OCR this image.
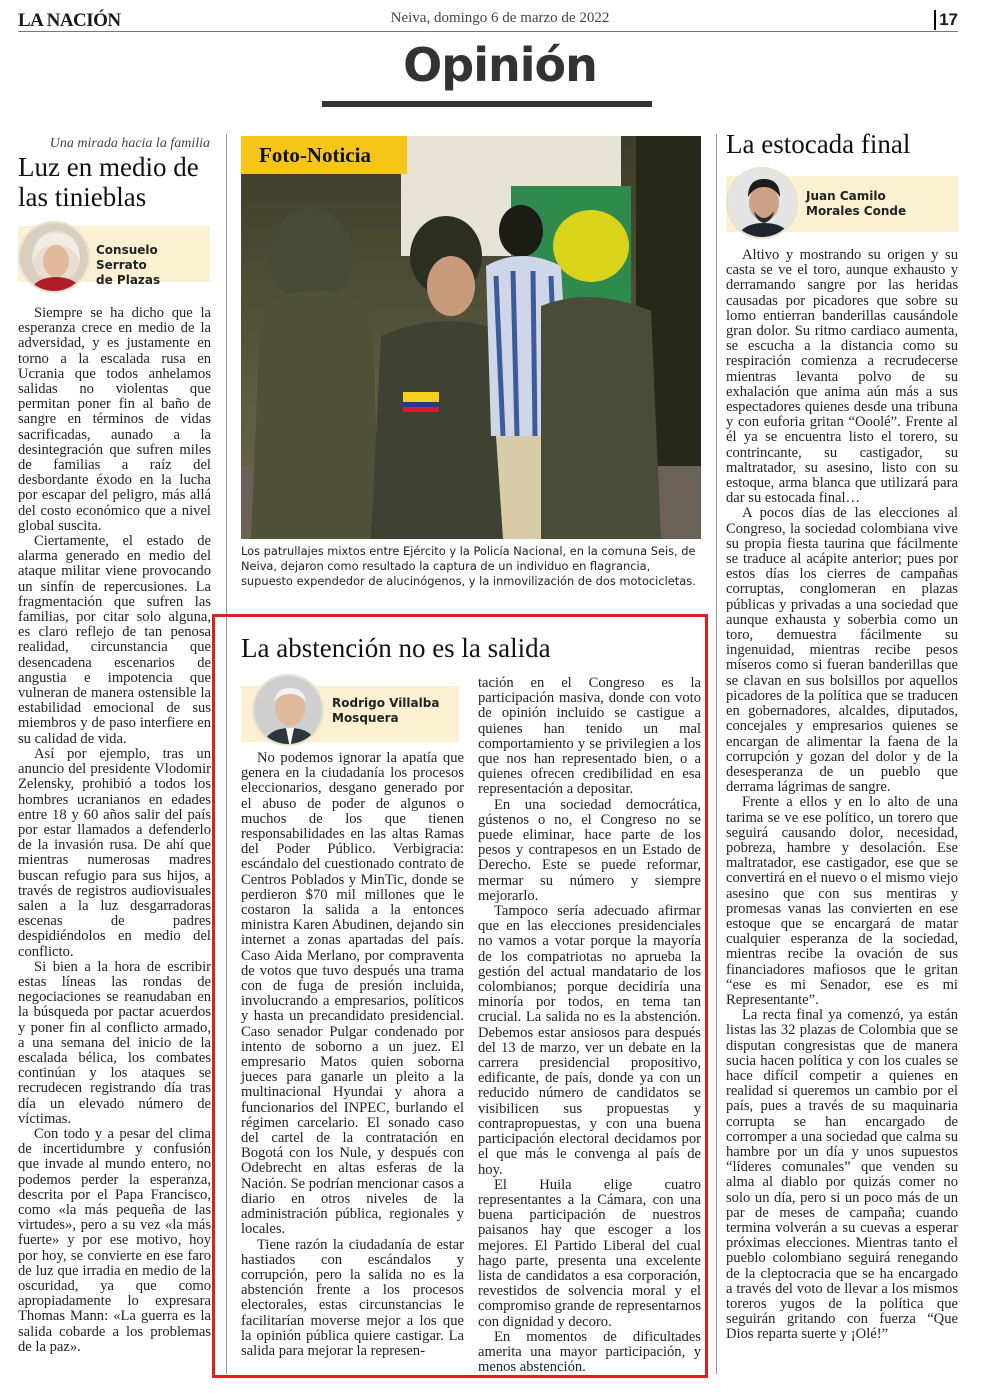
LA NACIÓN	Neiva, domingo 6 de marzo de 2022	17
Opinión
Una mirada hacia la familia
Luz en medio de las tinieblas
Consuelo Serrato
de Plazas

Siempre se ha dicho que la esperanza crece en medio de la adversidad, y es justamente en torno a la escalada rusa en Ucrania que todos anhelamos salidas no violentas que permitan poner fin al baño de sangre en términos de vidas sacrificadas, aunado a la desintegración que sufren miles de familias a raíz del desbordante éxodo en la lucha por escapar del peligro, más allá del costo económico que a nivel global suscita.

Ciertamente, el estado de alarma generado en medio del ataque militar viene provocando un sinfín de repercusiones. La fragmentación que sufren las familias, por citar solo alguna, es claro reflejo de tan penosa realidad, circunstancia que desencadena escenarios de angustia e impotencia que vulneran de manera ostensible la estabilidad emocional de sus miembros y de paso interfiere en su calidad de vida.

Así por ejemplo, tras un anuncio del presidente Vlodomir Zelensky, prohibió a todos los hombres ucranianos en edades entre 18 y 60 años salir del país por estar llamados a defenderlo de la invasión rusa. De ahí que mientras numerosas madres buscan refugio para sus hijos, a través de registros audiovisuales salen a la luz desgarradoras escenas de padres despidiéndolos en medio del conflicto.

Si bien a la hora de escribir estas líneas las rondas de negociaciones se reanudaban en la búsqueda por pactar acuerdos y poner fin al conflicto armado, a una semana del inicio de la escalada bélica, los combates continúan y los ataques se recrudecen registrando día tras día un elevado número de víctimas.

Con todo y a pesar del clima de incertidumbre y confusión que invade al mundo entero, no podemos perder la esperanza, descrita por el Papa Francisco, como «la más pequeña de las virtudes», pero a su vez «la más fuerte» y por ese motivo, hoy por hoy, se convierte en ese faro de luz que irradia en medio de la oscuridad, ya que como apropiadamente lo expresara Thomas Mann: «La guerra es la salida cobarde a los problemas de la paz».

Foto-Noticia
Los patrullajes mixtos entre Ejército y la Policía Nacional, en la comuna Seis, de Neiva, dejaron como resultado la captura de un individuo en flagrancia, supuesto expendedor de alucinógenos, y la inmovilización de dos motocicletas.
La abstención no es la salida
Rodrigo Villalba
Mosquera

No podemos ignorar la apatía que genera en la ciudadanía los procesos eleccionarios, desgano generado por el abuso de poder de algunos o muchos de los que tienen responsabilidades en las altas Ramas del Poder Público. Verbigracia: escándalo del cuestionado contrato de Centros Poblados y MinTic, donde se perdieron $70 mil millones que le costaron la salida a la entonces ministra Karen Abudinen, dejando sin internet a zonas apartadas del país. Caso Aida Merlano, por compraventa de votos que tuvo después una trama con de fuga de presión incluida, involucrando a empresarios, políticos y hasta un precandidato presidencial. Caso senador Pulgar condenado por intento de soborno a un juez. El empresario Matos quien soborna jueces para ganarle un pleito a la multinacional Hyundai y ahora a funcionarios del INPEC, burlando el régimen carcelario. El sonado caso del cartel de la contratación en Bogotá con los Nule, y después con Odebrecht en altas esferas de la Nación. Se podrían mencionar casos a diario en otros niveles de la administración pública, regionales y locales.

Tiene razón la ciudadanía de estar hastiados con escándalos y corrupción, pero la salida no es la abstención frente a los procesos electorales, estas circunstancias le facilitarían moverse mejor a los que la opinión pública quiere castigar. La salida para mejorar la represen-

tación en el Congreso es la participación masiva, donde con voto de opinión incluido se castigue a quienes han tenido un mal comportamiento y se privilegien a los que nos han representado bien, o a quienes ofrecen credibilidad en esa representación a depositar.

En una sociedad democrática, gústenos o no, el Congreso no se puede eliminar, hace parte de los pesos y contrapesos en un Estado de Derecho. Este se puede reformar, mermar su número y siempre mejorarlo.

Tampoco sería adecuado afirmar que en las elecciones presidenciales no vamos a votar porque la mayoría de los compatriotas no aprueba la gestión del actual mandatario de los colombianos; porque decidiría una minoría por todos, en tema tan crucial. La salida no es la abstención. Debemos estar ansiosos para después del 13 de marzo, ver un debate en la carrera presidencial propositivo, edificante, de país, donde ya con un reducido número de candidatos se visibilicen sus propuestas y contrapropuestas, y con una buena participación electoral decidamos por el que más le convenga al país de hoy.

El Huila elige cuatro representantes a la Cámara, con una buena participación de nuestros paisanos hay que escoger a los mejores. El Partido Liberal del cual hago parte, presenta una excelente lista de candidatos a esa corporación, revestidos de solvencia moral y el compromiso grande de representarnos con dignidad y decoro.

En momentos de dificultades amerita una mayor participación, y menos abstención.

La estocada final
Juan Camilo
Morales Conde

Altivo y mostrando su origen y su casta se ve el toro, aunque exhausto y derramando sangre por las heridas causadas por picadores que sobre su lomo entierran banderillas causándole gran dolor. Su ritmo cardiaco aumenta, se escucha a la distancia como su respiración comienza a recrudecerse mientras levanta polvo de su exhalación que anima aún más a sus espectadores quienes desde una tribuna y con euforia gritan “Ooolé”. Frente al él ya se encuentra listo el torero, su contrincante, su castigador, su maltratador, su asesino, listo con su estoque, arma blanca que utilizará para dar su estocada final…

A pocos días de las elecciones al Congreso, la sociedad colombiana vive su propia fiesta taurina que fácilmente se traduce al acápite anterior; pues por estos días los cierres de campañas corruptas, conglomeran en plazas públicas y privadas a una sociedad que aunque exhausta y soberbia como un toro, demuestra fácilmente su ingenuidad, mientras recibe pesos míseros como si fueran banderillas que se clavan en sus bolsillos por aquellos picadores de la política que se traducen en gobernadores, alcaldes, diputados, concejales y empresarios quienes se encargan de alimentar la faena de la corrupción y gozan del dolor y de la desesperanza de un pueblo que derrama lágrimas de sangre.

Frente a ellos y en lo alto de una tarima se ve ese político, un torero que seguirá causando dolor, necesidad, pobreza, hambre y desolación. Ese maltratador, ese castigador, ese que se convertirá en el nuevo o el mismo viejo asesino que con sus mentiras y promesas vanas las convierten en ese estoque que se encargará de matar cualquier esperanza de la sociedad, mientras recibe la ovación de sus financiadores mafiosos que le gritan “ese es mi Senador, ese es mi Representante”.

La recta final ya comenzó, ya están listas las 32 plazas de Colombia que se disputan congresistas que de manera sucia hacen política y con los cuales se hace difícil competir a quienes en realidad si queremos un cambio por el país, pues a través de su maquinaria corrupta se han encargado de corromper a una sociedad que calma su hambre por un día y unos supuestos “líderes comunales” que venden su alma al diablo por quizás comer no solo un día, pero si un poco más de un par de meses de campaña; cuando termina volverán a su cuevas a esperar próximas elecciones. Mientras tanto el pueblo colombiano seguirá renegando de la cleptocracia que se ha encargado a través del voto de llevar a los mismos toreros yugos de la política que seguirán gritando con fuerza “Que Dios reparta suerte y ¡Olé!”
